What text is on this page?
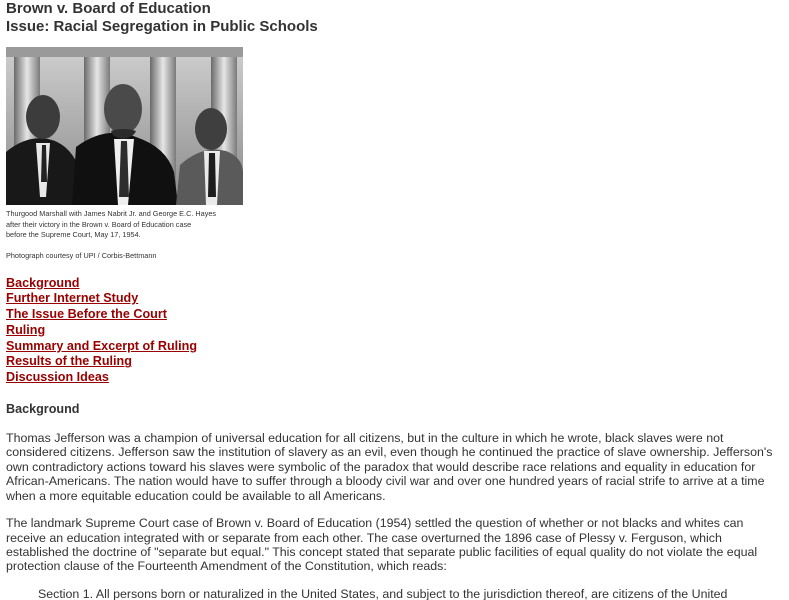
Brown v. Board of Education
Issue: Racial Segregation in Public Schools
Thurgood Marshall with James Nabrit Jr. and George E.C. Hayes
after their victory in the Brown v. Board of Education case
before the Supreme Court, May 17, 1954.
Photograph courtesy of UPI / Corbis-Bettmann
Background
Further Internet Study
The Issue Before the Court
Ruling
Summary and Excerpt of Ruling
Results of the Ruling
Discussion Ideas
Background
Thomas Jefferson was a champion of universal education for all citizens, but in the culture in which he wrote, black slaves were not considered citizens. Jefferson saw the institution of slavery as an evil, even though he continued the practice of slave ownership. Jefferson's own contradictory actions toward his slaves were symbolic of the paradox that would describe race relations and equality in education for African-Americans. The nation would have to suffer through a bloody civil war and over one hundred years of racial strife to arrive at a time when a more equitable education could be available to all Americans.
The landmark Supreme Court case of Brown v. Board of Education (1954) settled the question of whether or not blacks and whites can receive an education integrated with or separate from each other. The case overturned the 1896 case of Plessy v. Ferguson, which established the doctrine of "separate but equal." This concept stated that separate public facilities of equal quality do not violate the equal protection clause of the Fourteenth Amendment of the Constitution, which reads:
Section 1. All persons born or naturalized in the United States, and subject to the jurisdiction thereof, are citizens of the United
